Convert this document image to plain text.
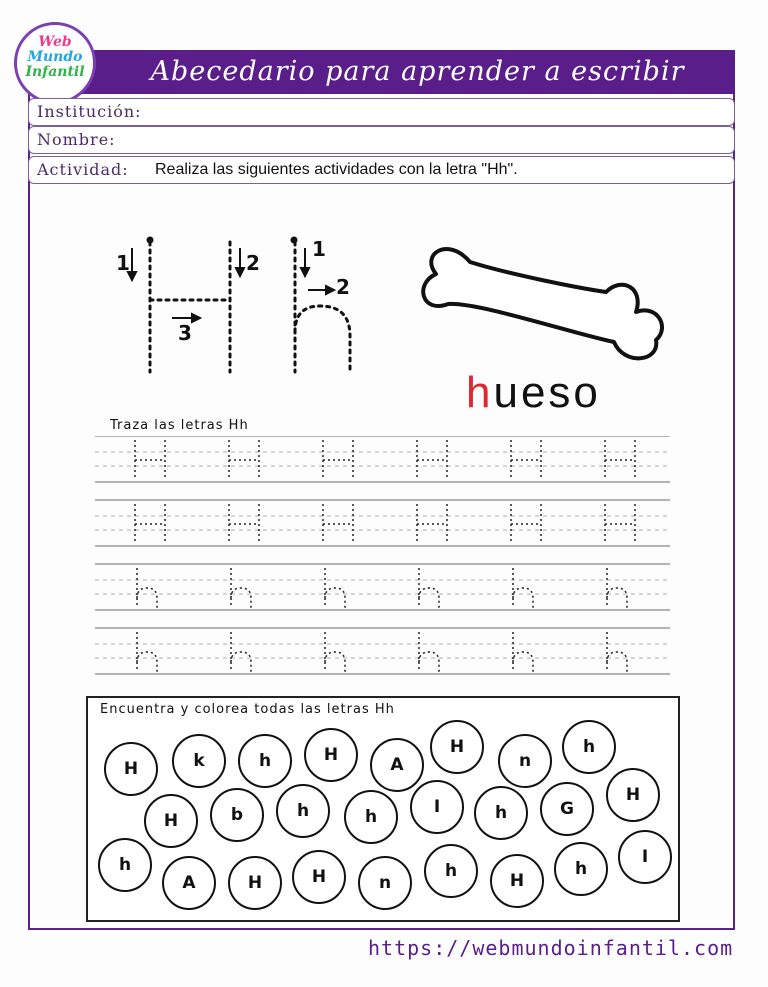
Abecedario para aprender a escribir
Web
Mundo
Infantil
Institución:
Nombre:
Actividad: Realiza las siguientes actividades con la letra "Hh".
1	2
3
1
2
hueso
Traza las letras Hh
Encuentra y colorea todas las letras Hh
H	k	h	H	A
H
n
h
H	b	h	h	I	h	G
H
h
A	H	H	n
h	H
h
I
https://webmundoinfantil.com
